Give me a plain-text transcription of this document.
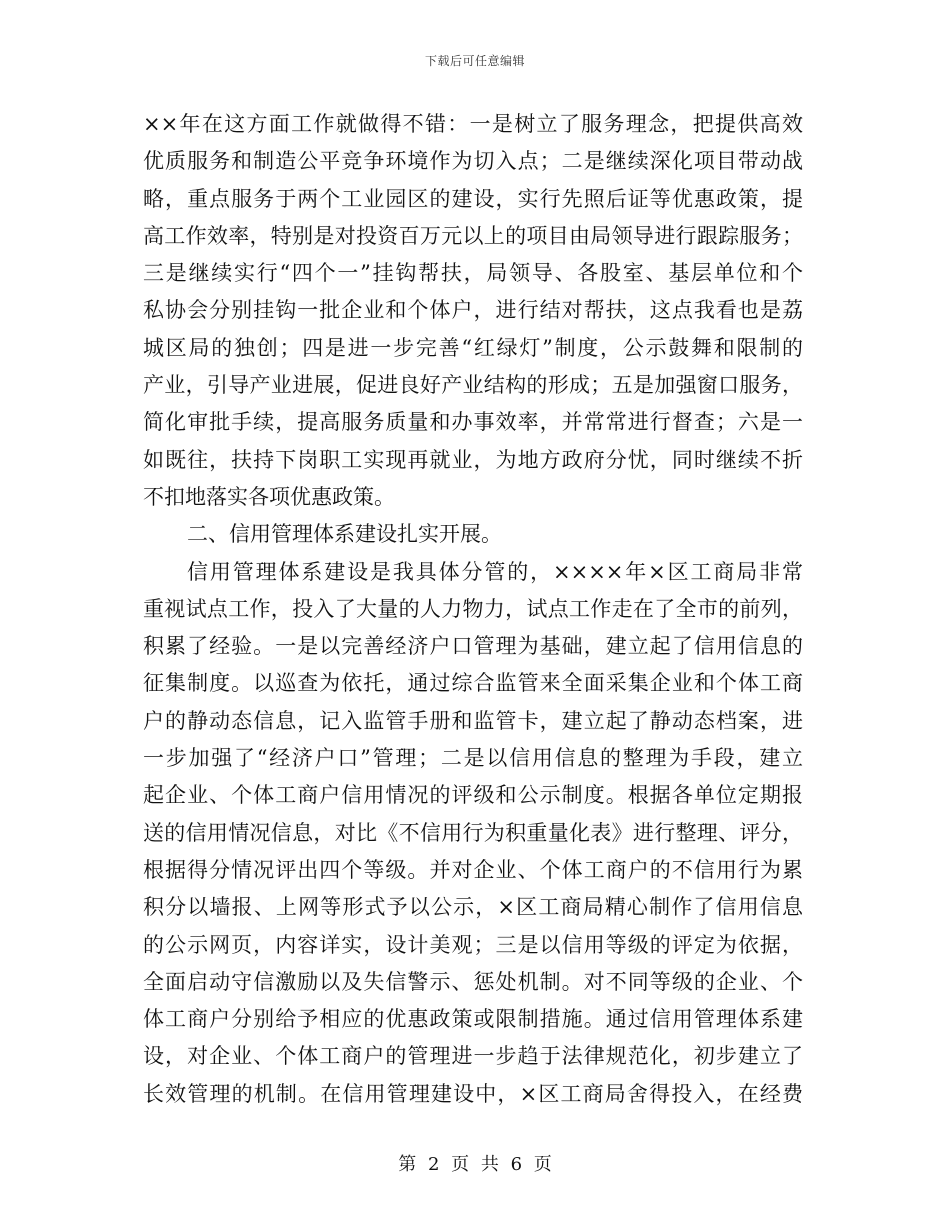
下载后可任意编辑
××年在这方面工作就做得不错：一是树立了服务理念，把提供高效
优质服务和制造公平竞争环境作为切入点；二是继续深化项目带动战
略，重点服务于两个工业园区的建设，实行先照后证等优惠政策，提
高工作效率，特别是对投资百万元以上的项目由局领导进行跟踪服务；
三是继续实行“四个一”挂钩帮扶，局领导、各股室、基层单位和个
私协会分别挂钩一批企业和个体户，进行结对帮扶，这点我看也是荔
城区局的独创；四是进一步完善“红绿灯”制度，公示鼓舞和限制的
产业，引导产业进展，促进良好产业结构的形成；五是加强窗口服务，
简化审批手续，提高服务质量和办事效率，并常常进行督查；六是一
如既往，扶持下岗职工实现再就业，为地方政府分忧，同时继续不折
不扣地落实各项优惠政策。
二、信用管理体系建设扎实开展。
信用管理体系建设是我具体分管的，××××年×区工商局非常
重视试点工作，投入了大量的人力物力，试点工作走在了全市的前列，
积累了经验。一是以完善经济户口管理为基础，建立起了信用信息的
征集制度。以巡查为依托，通过综合监管来全面采集企业和个体工商
户的静动态信息，记入监管手册和监管卡，建立起了静动态档案，进
一步加强了“经济户口”管理；二是以信用信息的整理为手段，建立
起企业、个体工商户信用情况的评级和公示制度。根据各单位定期报
送的信用情况信息，对比《不信用行为积重量化表》进行整理、评分，
根据得分情况评出四个等级。并对企业、个体工商户的不信用行为累
积分以墙报、上网等形式予以公示，×区工商局精心制作了信用信息
的公示网页，内容详实，设计美观；三是以信用等级的评定为依据，
全面启动守信激励以及失信警示、惩处机制。对不同等级的企业、个
体工商户分别给予相应的优惠政策或限制措施。通过信用管理体系建
设，对企业、个体工商户的管理进一步趋于法律规范化，初步建立了
长效管理的机制。在信用管理建设中，×区工商局舍得投入，在经费
第 2 页 共 6 页
